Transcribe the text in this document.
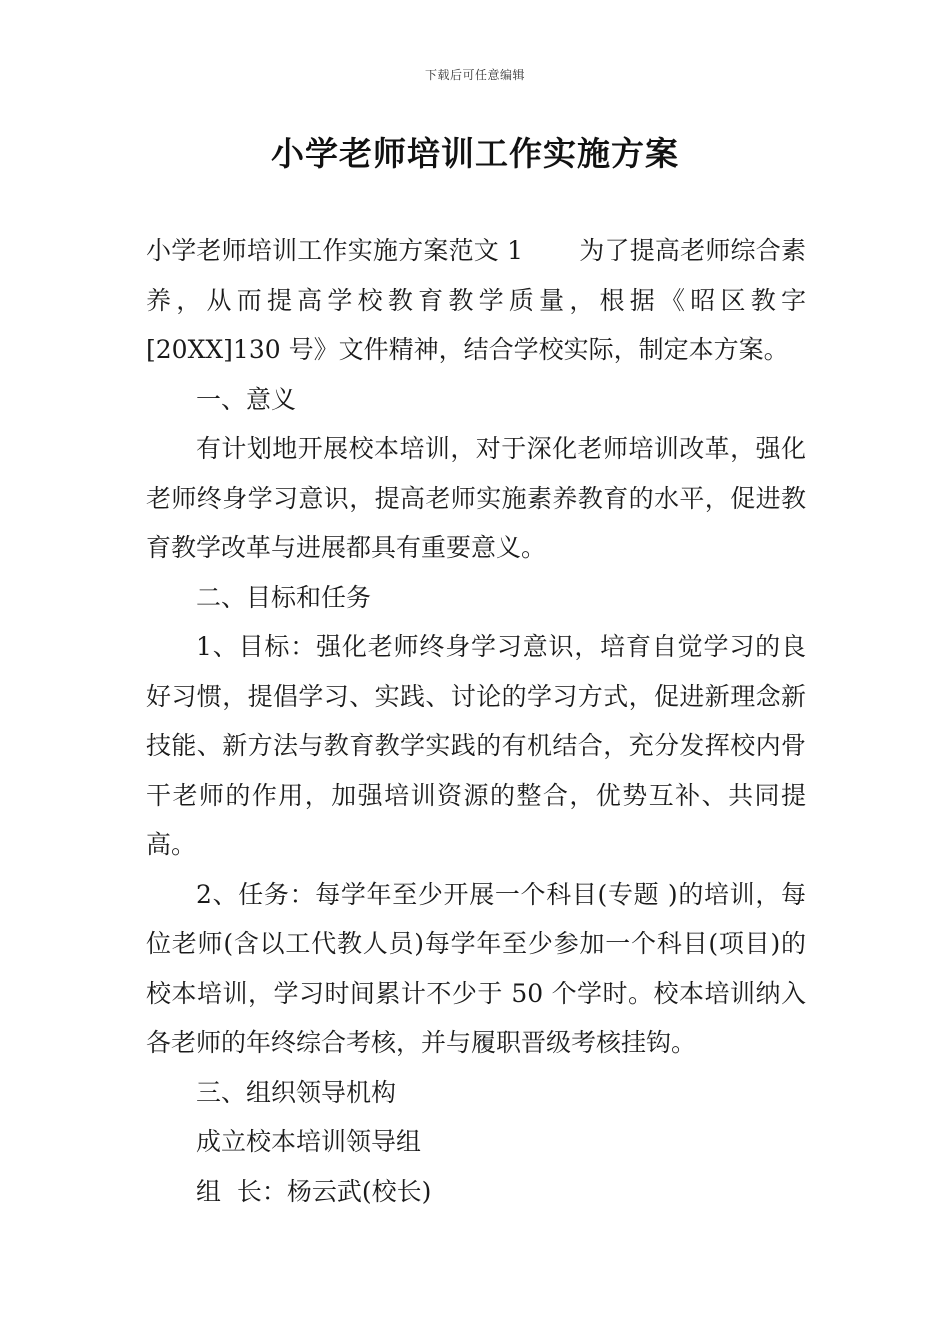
下载后可任意编辑
小学老师培训工作实施方案

小学老师培训工作实施方案范文 1 为了提高老师综合素养，从而提高学校教育教学质量，根据《昭区教字[20XX]130 号》文件精神，结合学校实际，制定本方案。

一、意义

有计划地开展校本培训，对于深化老师培训改革，强化老师终身学习意识，提高老师实施素养教育的水平，促进教育教学改革与进展都具有重要意义。

二、目标和任务

1、目标：强化老师终身学习意识，培育自觉学习的良好习惯，提倡学习、实践、讨论的学习方式，促进新理念新技能、新方法与教育教学实践的有机结合，充分发挥校内骨干老师的作用，加强培训资源的整合，优势互补、共同提高。

2、任务：每学年至少开展一个科目(专题 )的培训，每位老师(含以工代教人员)每学年至少参加一个科目(项目)的校本培训，学习时间累计不少于 50 个学时。校本培训纳入各老师的年终综合考核，并与履职晋级考核挂钩。

三、组织领导机构

成立校本培训领导组

组  长：杨云武(校长)
